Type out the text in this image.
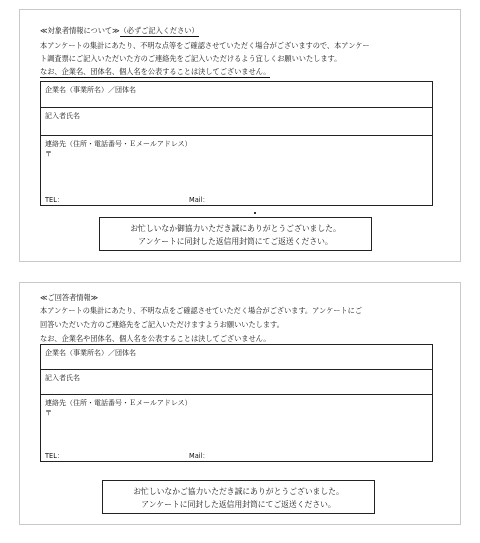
≪対象者情報について≫（必ずご記入ください）
本アンケートの集計にあたり、不明な点等をご確認させていただく場合がございますので、本アンケー
ト調査票にご記入いただいた方のご連絡先をご記入いただけるよう宜しくお願いいたします。
なお、企業名、団体名、個人名を公表することは決してございません。
企業名（事業所名）／団体名
記入者氏名
連絡先（住所・電話番号・Ｅメールアドレス）
〒
TEL：	Mail：
お忙しいなか御協力いただき誠にありがとうございました。
アンケートに同封した返信用封筒にてご返送ください。
≪ご回答者情報≫
本アンケートの集計にあたり、不明な点をご確認させていただく場合がございます。アンケートにご
回答いただいた方のご連絡先をご記入いただけますようお願いいたします。
なお、企業名や団体名、個人名を公表することは決してございません。
企業名（事業所名）／団体名
記入者氏名
連絡先（住所・電話番号・Ｅメールアドレス）
〒
TEL：	Mail：
お忙しいなかご協力いただき誠にありがとうございました。
アンケートに同封した返信用封筒にてご返送ください。
